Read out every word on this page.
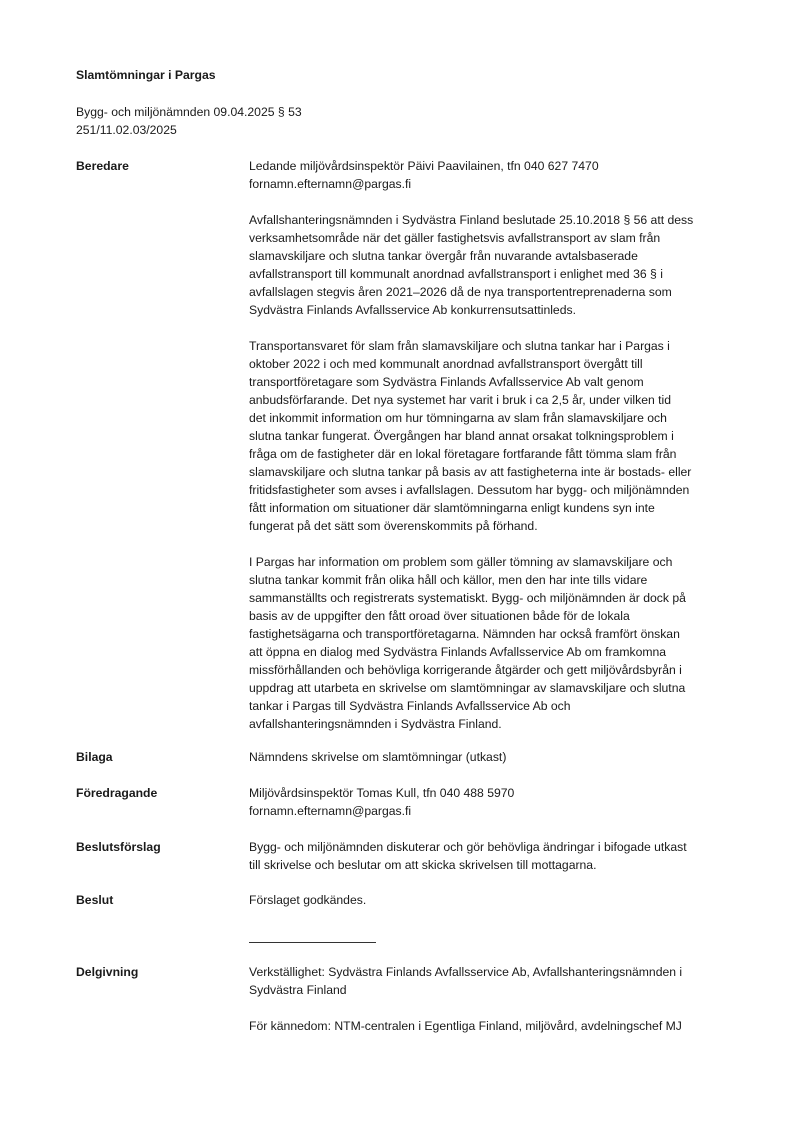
Slamtömningar i Pargas
Bygg- och miljönämnden 09.04.2025 § 53
251/11.02.03/2025
Beredare	Ledande miljövårdsinspektör Päivi Paavilainen, tfn 040 627 7470
fornamn.efternamn@pargas.fi

Avfallshanteringsnämnden i Sydvästra Finland beslutade 25.10.2018 § 56 att dess
verksamhetsområde när det gäller fastighetsvis avfallstransport av slam från
slamavskiljare och slutna tankar övergår från nuvarande avtalsbaserade
avfallstransport till kommunalt anordnad avfallstransport i enlighet med 36 § i
avfallslagen stegvis åren 2021–2026 då de nya transportentreprenaderna som
Sydvästra Finlands Avfallsservice Ab konkurrensutsattinleds.

Transportansvaret för slam från slamavskiljare och slutna tankar har i Pargas i
oktober 2022 i och med kommunalt anordnad avfallstransport övergått till
transportföretagare som Sydvästra Finlands Avfallsservice Ab valt genom
anbudsförfarande. Det nya systemet har varit i bruk i ca 2,5 år, under vilken tid
det inkommit information om hur tömningarna av slam från slamavskiljare och
slutna tankar fungerat. Övergången har bland annat orsakat tolkningsproblem i
fråga om de fastigheter där en lokal företagare fortfarande fått tömma slam från
slamavskiljare och slutna tankar på basis av att fastigheterna inte är bostads- eller
fritidsfastigheter som avses i avfallslagen. Dessutom har bygg- och miljönämnden
fått information om situationer där slamtömningarna enligt kundens syn inte
fungerat på det sätt som överenskommits på förhand.

I Pargas har information om problem som gäller tömning av slamavskiljare och
slutna tankar kommit från olika håll och källor, men den har inte tills vidare
sammanställts och registrerats systematiskt. Bygg- och miljönämnden är dock på
basis av de uppgifter den fått oroad över situationen både för de lokala
fastighetsägarna och transportföretagarna. Nämnden har också framfört önskan
att öppna en dialog med Sydvästra Finlands Avfallsservice Ab om framkomna
missförhållanden och behövliga korrigerande åtgärder och gett miljövårdsbyrån i
uppdrag att utarbeta en skrivelse om slamtömningar av slamavskiljare och slutna
tankar i Pargas till Sydvästra Finlands Avfallsservice Ab och
avfallshanteringsnämnden i Sydvästra Finland.

Bilaga	Nämndens skrivelse om slamtömningar (utkast)
Föredragande	Miljövårdsinspektör Tomas Kull, tfn 040 488 5970
fornamn.efternamn@pargas.fi
Beslutsförslag	Bygg- och miljönämnden diskuterar och gör behövliga ändringar i bifogade utkast
till skrivelse och beslutar om att skicka skrivelsen till mottagarna.
Beslut	Förslaget godkändes.
Delgivning	Verkställighet: Sydvästra Finlands Avfallsservice Ab, Avfallshanteringsnämnden i
Sydvästra Finland

För kännedom: NTM-centralen i Egentliga Finland, miljövård, avdelningschef MJ
